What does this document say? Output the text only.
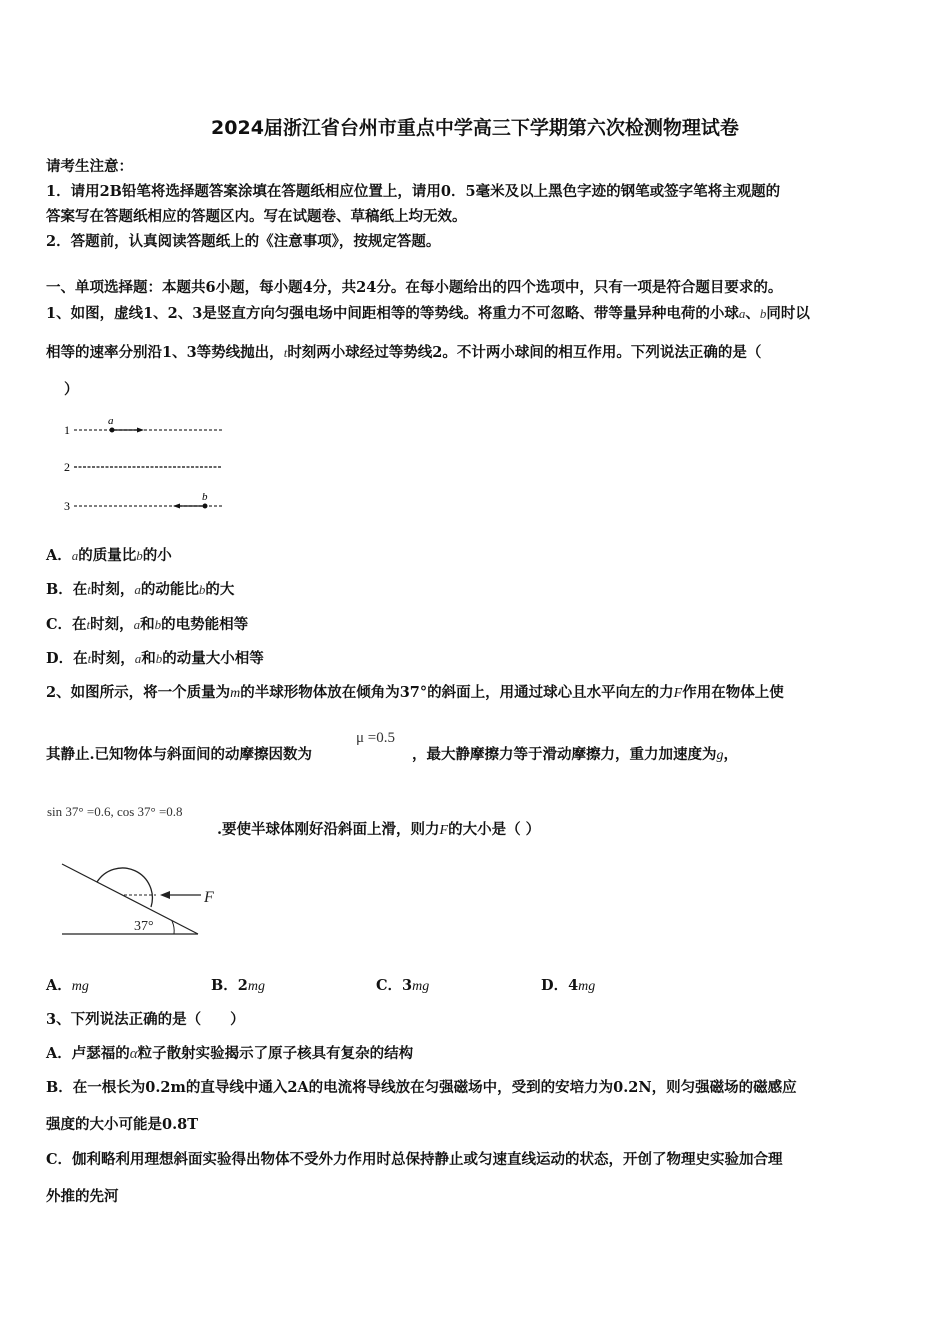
2024届浙江省台州市重点中学高三下学期第六次检测物理试卷
请考生注意：
1．请用2B铅笔将选择题答案涂填在答题纸相应位置上，请用0．5毫米及以上黑色字迹的钢笔或签字笔将主观题的
答案写在答题纸相应的答题区内。写在试题卷、草稿纸上均无效。
2．答题前，认真阅读答题纸上的《注意事项》，按规定答题。
一、单项选择题：本题共6小题，每小题4分，共24分。在每小题给出的四个选项中，只有一项是符合题目要求的。
1、如图，虚线1、2、3是竖直方向匀强电场中间距相等的等势线。将重力不可忽略、带等量异种电荷的小球a、b同时以
相等的速率分别沿1、3等势线抛出，t时刻两小球经过等势线2。不计两小球间的相互作用。下列说法正确的是（
）
1
a
2
3
b
A．a的质量比b的小
B．在t时刻，a的动能比b的大
C．在t时刻，a和b的电势能相等
D．在t时刻，a和b的动量大小相等
2、如图所示，将一个质量为m的半球形物体放在倾角为37°的斜面上，用通过球心且水平向左的力F作用在物体上使
μ =0.5
其静止.已知物体与斜面间的动摩擦因数为	，最大静摩擦力等于滑动摩擦力，重力加速度为g，
sin 37° =0.6, cos 37° =0.8
.要使半球体刚好沿斜面上滑，则力F的大小是（ ）
F
37°
A．mg	B．2mg	C．3mg	D．4mg
3、下列说法正确的是（　　）
A．卢瑟福的α粒子散射实验揭示了原子核具有复杂的结构
B．在一根长为0.2m的直导线中通入2A的电流将导线放在匀强磁场中，受到的安培力为0.2N，则匀强磁场的磁感应
强度的大小可能是0.8T
C．伽利略利用理想斜面实验得出物体不受外力作用时总保持静止或匀速直线运动的状态，开创了物理史实验加合理
外推的先河
